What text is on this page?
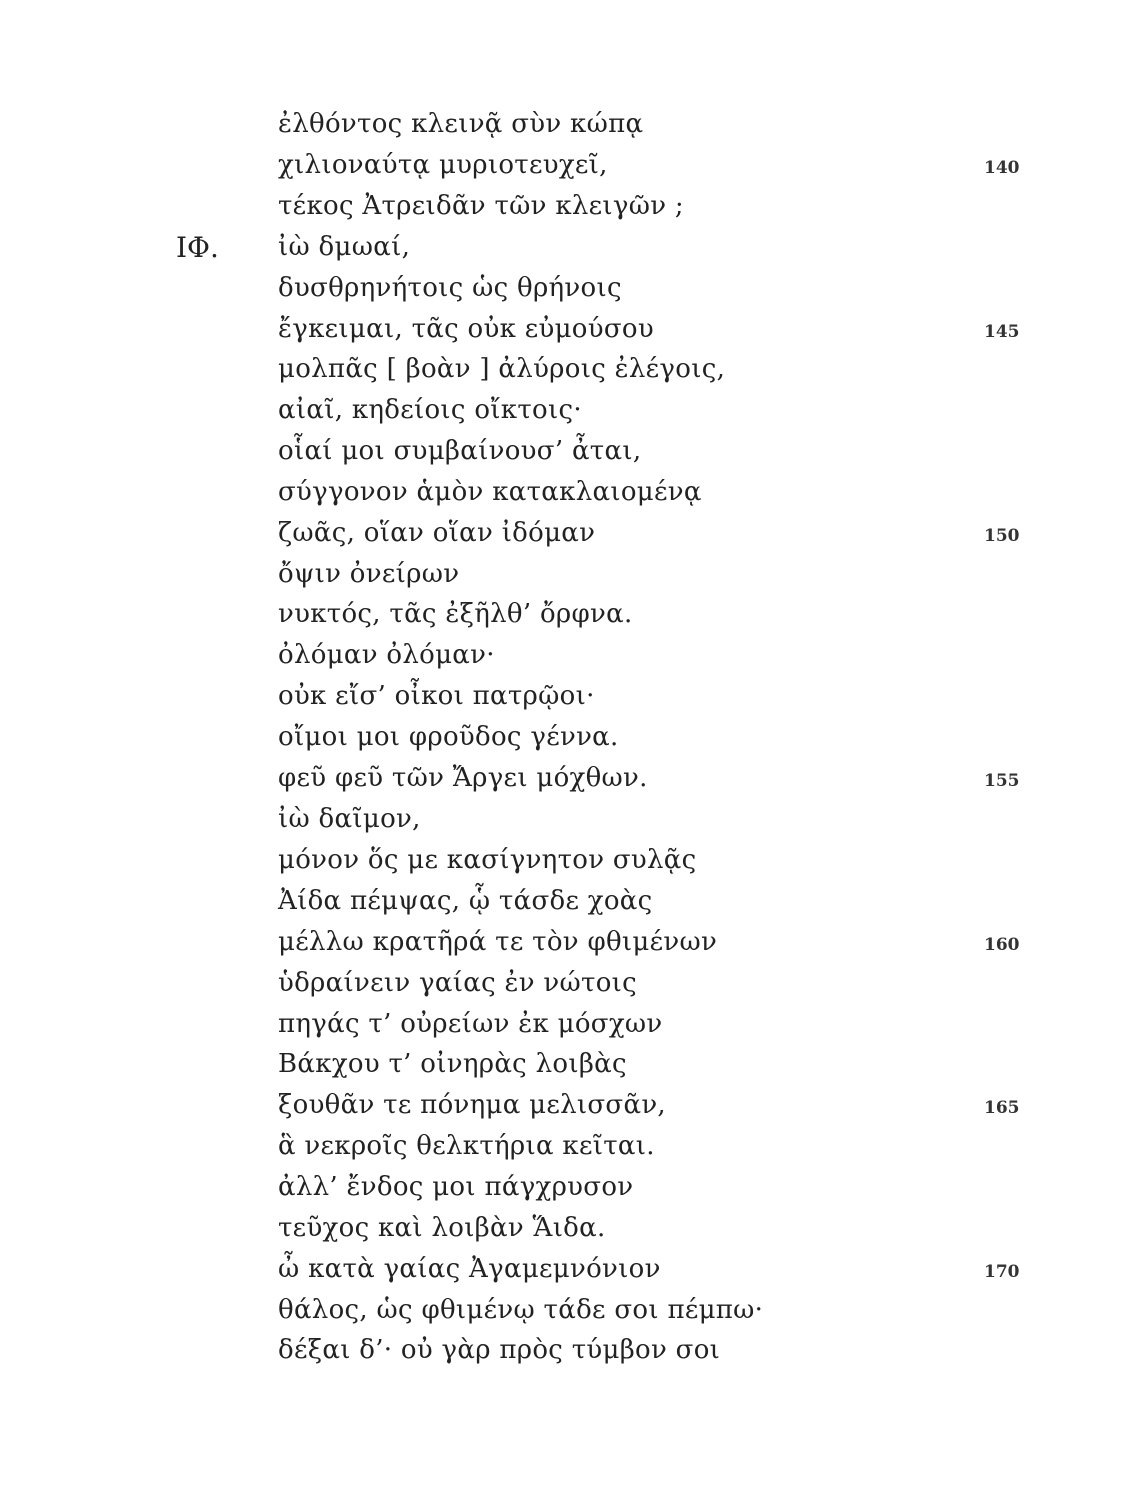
ΙΦ.
ἐλθόντος κλεινᾷ σὺν κώπᾳ
χιλιοναύτᾳ μυριοτευχεῖ,
τέκος Ἀτρειδᾶν τῶν κλειγῶν ;
ἰὼ δμωαί,
δυσθρηνήτοις ὡς θρήνοις
ἔγκειμαι, τᾶς οὐκ εὐμούσου
μολπᾶς [ βοὰν ] ἀλύροις ἐλέγοις,
αἰαῖ, κηδείοις οἴκτοις·
οἷαί μοι συμβαίνουσ’ ἆται,
σύγγονον ἁμὸν κατακλαιομένᾳ
ζωᾶς, οἵαν οἵαν ἰδόμαν
ὄψιν ὀνείρων
νυκτός, τᾶς ἐξῆλθ’ ὄρφνα.
ὀλόμαν ὀλόμαν·
οὐκ εἴσ’ οἶκοι πατρῷοι·
οἴμοι μοι φροῦδος γέννα.
φεῦ φεῦ τῶν Ἄργει μόχθων.
ἰὼ δαῖμον,
μόνον ὅς με κασίγνητον συλᾷς
Ἀίδα πέμψας, ᾧ τάσδε χοὰς
μέλλω κρατῆρά τε τὸν φθιμένων
ὑδραίνειν γαίας ἐν νώτοις
πηγάς τ’ οὐρείων ἐκ μόσχων
Βάκχου τ’ οἰνηρὰς λοιβὰς
ξουθᾶν τε πόνημα μελισσᾶν,
ἃ νεκροῖς θελκτήρια κεῖται.
ἀλλ’ ἔνδος μοι πάγχρυσον
τεῦχος καὶ λοιβὰν Ἅιδα.
ὦ κατὰ γαίας Ἀγαμεμνόνιον
θάλος, ὡς φθιμένῳ τάδε σοι πέμπω·
δέξαι δ’· οὐ γὰρ πρὸς τύμβον σοι
140
145
150
155
160
165
170
